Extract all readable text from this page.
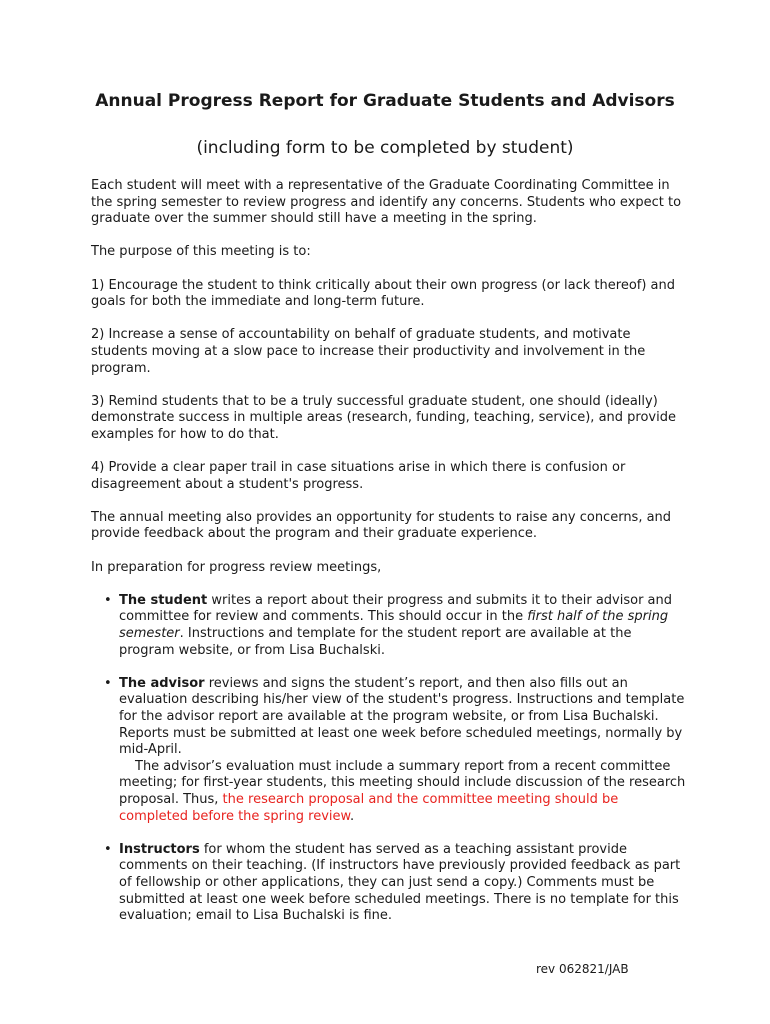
Annual Progress Report for Graduate Students and Advisors
(including form to be completed by student)

Each student will meet with a representative of the Graduate Coordinating Committee in the spring semester to review progress and identify any concerns. Students who expect to graduate over the summer should still have a meeting in the spring.

The purpose of this meeting is to:

1) Encourage the student to think critically about their own progress (or lack thereof) and goals for both the immediate and long-term future.

2) Increase a sense of accountability on behalf of graduate students, and motivate students moving at a slow pace to increase their productivity and involvement in the program.

3) Remind students that to be a truly successful graduate student, one should (ideally) demonstrate success in multiple areas (research, funding, teaching, service), and provide examples for how to do that.

4) Provide a clear paper trail in case situations arise in which there is confusion or disagreement about a student's progress.

The annual meeting also provides an opportunity for students to raise any concerns, and provide feedback about the program and their graduate experience.

In preparation for progress review meetings,

• The student writes a report about their progress and submits it to their advisor and committee for review and comments. This should occur in the first half of the spring semester. Instructions and template for the student report are available at the program website, or from Lisa Buchalski.
• The advisor reviews and signs the student’s report, and then also fills out an evaluation describing his/her view of the student's progress. Instructions and template for the advisor report are available at the program website, or from Lisa Buchalski. Reports must be submitted at least one week before scheduled meetings, normally by mid-April.
The advisor’s evaluation must include a summary report from a recent committee meeting; for first-year students, this meeting should include discussion of the research proposal. Thus, the research proposal and the committee meeting should be completed before the spring review.
• Instructors for whom the student has served as a teaching assistant provide comments on their teaching. (If instructors have previously provided feedback as part of fellowship or other applications, they can just send a copy.) Comments must be submitted at least one week before scheduled meetings. There is no template for this evaluation; email to Lisa Buchalski is fine.
rev 062821/JAB
